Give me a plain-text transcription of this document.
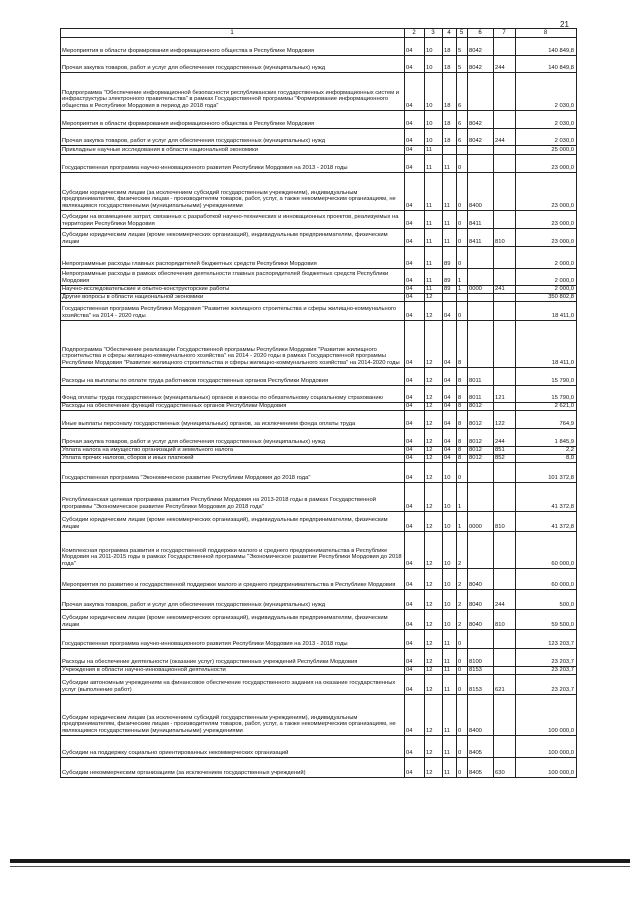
21
1	2	3	4	5	6	7	8
Мероприятия в области формирования информационного общества в Республике Мордовия	04	10	18	5	8042		140 849,8
Прочая закупка товаров, работ и услуг для обеспечения государственных (муниципальных) нужд	04	10	18	5	8042	244	140 849,8
Подпрограмма "Обеспечение информационной безопасности республиканских государственных информационных систем и инфраструктуры электронного правительства" в рамках Государственной программы "Формирование информационного общества в Республике Мордовия в период до 2018 года"	04	10	18	6			2 030,0
Мероприятия в области формирования информационного общества в Республике Мордовия	04	10	18	6	8042		2 030,0
Прочая закупка товаров, работ и услуг для обеспечения государственных (муниципальных) нужд	04	10	18	6	8042	244	2 030,0
Прикладные научные исследования в области национальной экономики	04	11					25 000,0
Государственная программа научно-инновационного развития Республики Мордовия на 2013 - 2018 годы	04	11	11	0			23 000,0
Субсидии юридическим лицам (за исключением субсидий государственным учреждениям), индивидуальным предпринимателям, физическим лицам - производителям товаров, работ, услуг, а также некоммерческим организациям, не являющимся государственными (муниципальными) учреждениями	04	11	11	0	8400		23 000,0
Субсидии на возмещение затрат, связанных с разработкой научно-технических и инновационных проектов, реализуемых на территории Республики Мордовия	04	11	11	0	8411		23 000,0
Субсидии юридическим лицам (кроме некоммерческих организаций), индивидуальным предпринимателям, физическим лицам	04	11	11	0	8411	810	23 000,0
Непрограммные расходы главных распорядителей бюджетных средств Республики Мордовия	04	11	89	0			2 000,0
Непрограммные расходы в рамках обеспечения деятельности главных распорядителей бюджетных средств Республики Мордовия	04	11	89	1			2 000,0
Научно-исследовательские и опытно-конструкторские работы	04	11	89	1	0000	241	2 000,0
Другие вопросы в области национальной экономики	04	12					350 802,8
Государственная программа Республики Мордовия "Развитие жилищного строительства и сферы жилищно-коммунального хозяйства" на 2014 - 2020 годы	04	12	04	0			18 411,0
Подпрограмма "Обеспечение реализации Государственной программы Республики Мордовия "Развитие жилищного строительства и сферы жилищно-коммунального хозяйства" на 2014 - 2020 годы в рамках Государственной программы Республики Мордовия "Развитие жилищного строительства и сферы жилищно-коммунального хозяйства" на 2014-2020 годы	04	12	04	8			18 411,0
Расходы на выплаты по оплате труда работников государственных органов Республики Мордовия	04	12	04	8	8011		15 790,0
Фонд оплаты труда государственных (муниципальных) органов и взносы по обязательному социальному страхованию	04	12	04	8	8011	121	15 790,0
Расходы на обеспечение функций государственных органов Республики Мордовия	04	12	04	8	8012		2 621,0
Иные выплаты персоналу государственных (муниципальных) органов, за исключением фонда оплаты труда	04	12	04	8	8012	122	764,9
Прочая закупка товаров, работ и услуг для обеспечения государственных (муниципальных) нужд	04	12	04	8	8012	244	1 845,9
Уплата налога на имущество организаций и земельного налога	04	12	04	8	8012	851	2,2
Уплата прочих налогов, сборов и иных платежей	04	12	04	8	8012	852	8,0
Государственная программа "Экономическое развитие Республики Мордовия до 2018 года"	04	12	10	0			101 372,8
Республиканская целевая программа развития Республики Мордовия на 2013-2018 годы в рамках Государственной программы "Экономическое развитие Республики Мордовия до 2018 года"	04	12	10	1			41 372,8
Субсидии юридическим лицам (кроме некоммерческих организаций), индивидуальным предпринимателям, физическим лицам	04	12	10	1	0000	810	41 372,8
Комплексная программа развития и государственной поддержки малого и среднего предпринимательства в Республике Мордовия на 2011-2015 годы в рамках Государственной программы "Экономическое развитие Республики Мордовия до 2018 года"	04	12	10	2			60 000,0
Мероприятия по развитию и государственной поддержке малого и среднего предпринимательства в Республике Мордовия	04	12	10	2	8040		60 000,0
Прочая закупка товаров, работ и услуг для обеспечения государственных (муниципальных) нужд	04	12	10	2	8040	244	500,0
Субсидии юридическим лицам (кроме некоммерческих организаций), индивидуальным предпринимателям, физическим лицам	04	12	10	2	8040	810	59 500,0
Государственная программа научно-инновационного развития Республики Мордовия на 2013 - 2018 годы	04	12	11	0			123 203,7
Расходы на обеспечение деятельности (оказание услуг) государственных учреждений Республики Мордовия	04	12	11	0	8100		23 203,7
Учреждения в области научно-инновационной деятельности	04	12	11	0	8153		23 203,7
Субсидии автономным учреждениям на финансовое обеспечение государственного задания на оказание государственных услуг (выполнение работ)	04	12	11	0	8153	621	23 203,7
Субсидии юридическим лицам (за исключением субсидий государственным учреждениям), индивидуальным предпринимателям, физическим лицам - производителям товаров, работ, услуг, а также некоммерческим организациям, не являющимся государственными (муниципальными) учреждениями	04	12	11	0	8400		100 000,0
Субсидии на поддержку социально ориентированных некоммерческих организаций	04	12	11	0	8405		100 000,0
Субсидии некоммерческим организациям (за исключением государственных учреждений)	04	12	11	0	8405	630	100 000,0
